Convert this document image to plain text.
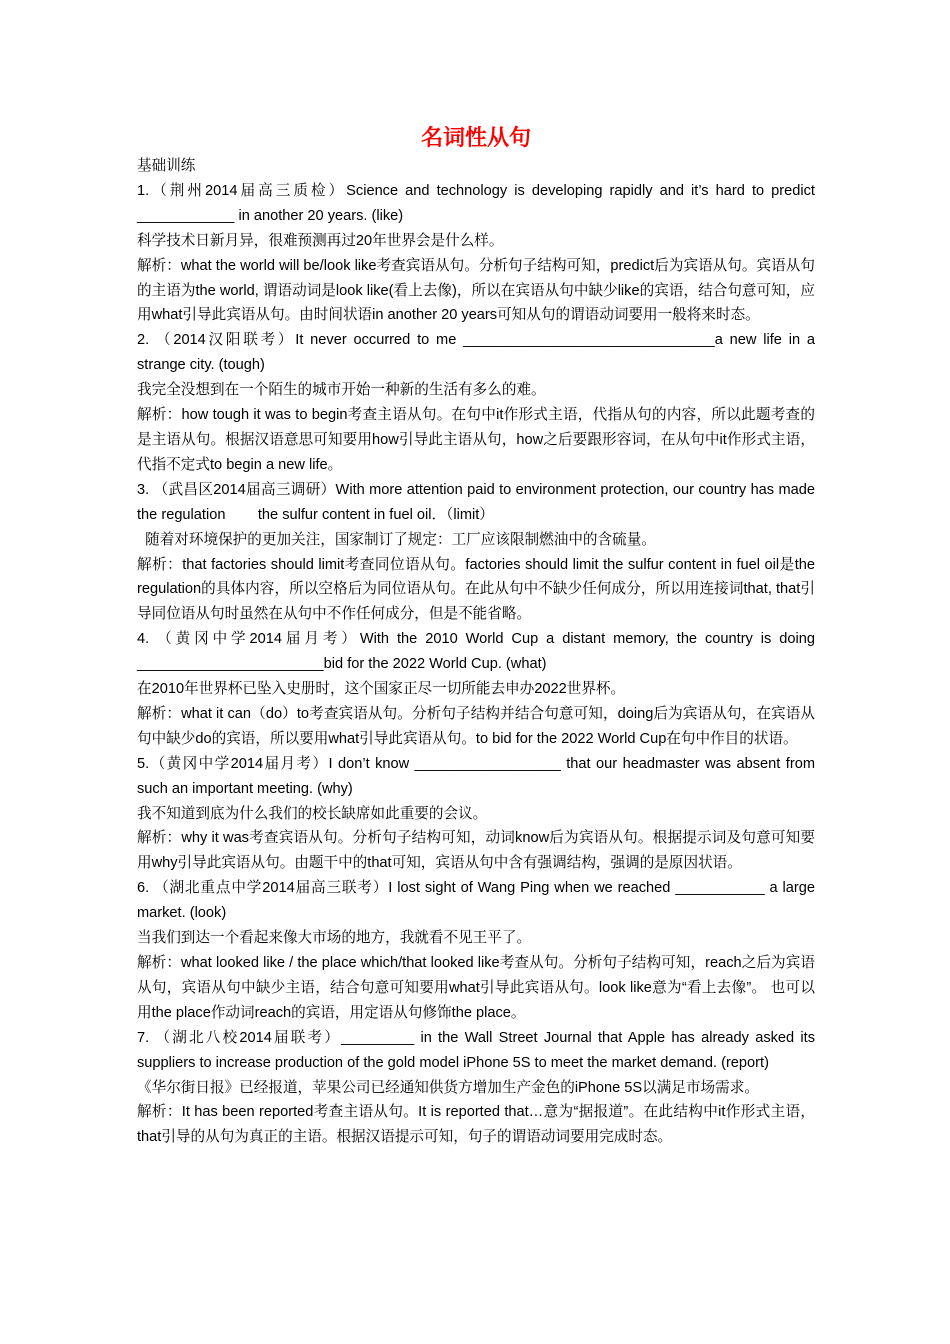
名词性从句
基础训练
1.（荆州2014届高三质检）Science and technology is developing rapidly and it’s hard to predict ____________ in another 20 years. (like)
科学技术日新月异，很难预测再过20年世界会是什么样。
解析：what the world will be/look like考查宾语从句。分析句子结构可知，predict后为宾语从句。宾语从句的主语为the world, 谓语动词是look like(看上去像)，所以在宾语从句中缺少like的宾语，结合句意可知，应用what引导此宾语从句。由时间状语in another 20 years可知从句的谓语动词要用一般将来时态。
2. （2014汉阳联考）It never occurred to me _______________________________a new life in a strange city. (tough)
我完全没想到在一个陌生的城市开始一种新的生活有多么的难。
解析：how tough it was to begin考查主语从句。在句中it作形式主语，代指从句的内容，所以此题考查的是主语从句。根据汉语意思可知要用how引导此主语从句，how之后要跟形容词，在从句中it作形式主语，代指不定式to begin a new life。
3. （武昌区2014届高三调研）With more attention paid to environment protection, our country has made the regulation        the sulfur content in fuel oil．（limit）
随着对环境保护的更加关注，国家制订了规定：工厂应该限制燃油中的含硫量。
解析：that factories should limit考查同位语从句。factories should limit the sulfur content in fuel oil是the regulation的具体内容，所以空格后为同位语从句。在此从句中不缺少任何成分，所以用连接词that, that引导同位语从句时虽然在从句中不作任何成分，但是不能省略。
4. （黄冈中学2014届月考）With the 2010 World Cup a distant memory, the country is doing _______________________bid for the 2022 World Cup. (what)
在2010年世界杯已坠入史册时，这个国家正尽一切所能去申办2022世界杯。
解析：what it can（do）to考查宾语从句。分析句子结构并结合句意可知，doing后为宾语从句，在宾语从句中缺少do的宾语，所以要用what引导此宾语从句。to bid for the 2022 World Cup在句中作目的状语。
5.（黄冈中学2014届月考）I don’t know __________________ that our headmaster was absent from such an important meeting. (why)
我不知道到底为什么我们的校长缺席如此重要的会议。
解析：why it was考查宾语从句。分析句子结构可知，动词know后为宾语从句。根据提示词及句意可知要用why引导此宾语从句。由题干中的that可知，宾语从句中含有强调结构，强调的是原因状语。
6. （湖北重点中学2014届高三联考）I lost sight of Wang Ping when we reached ___________ a large market. (look)
当我们到达一个看起来像大市场的地方，我就看不见王平了。
解析：what looked like / the place which/that looked like考查从句。分析句子结构可知，reach之后为宾语从句，宾语从句中缺少主语，结合句意可知要用what引导此宾语从句。look like意为“看上去像”。 也可以用the place作动词reach的宾语，用定语从句修饰the place。
7. （湖北八校2014届联考）_________ in the Wall Street Journal that Apple has already asked its suppliers to increase production of the gold model iPhone 5S to meet the market demand. (report)
《华尔街日报》已经报道，苹果公司已经通知供货方增加生产金色的iPhone 5S以满足市场需求。
解析：It has been reported考查主语从句。It is reported that…意为“据报道”。在此结构中it作形式主语，that引导的从句为真正的主语。根据汉语提示可知，句子的谓语动词要用完成时态。
